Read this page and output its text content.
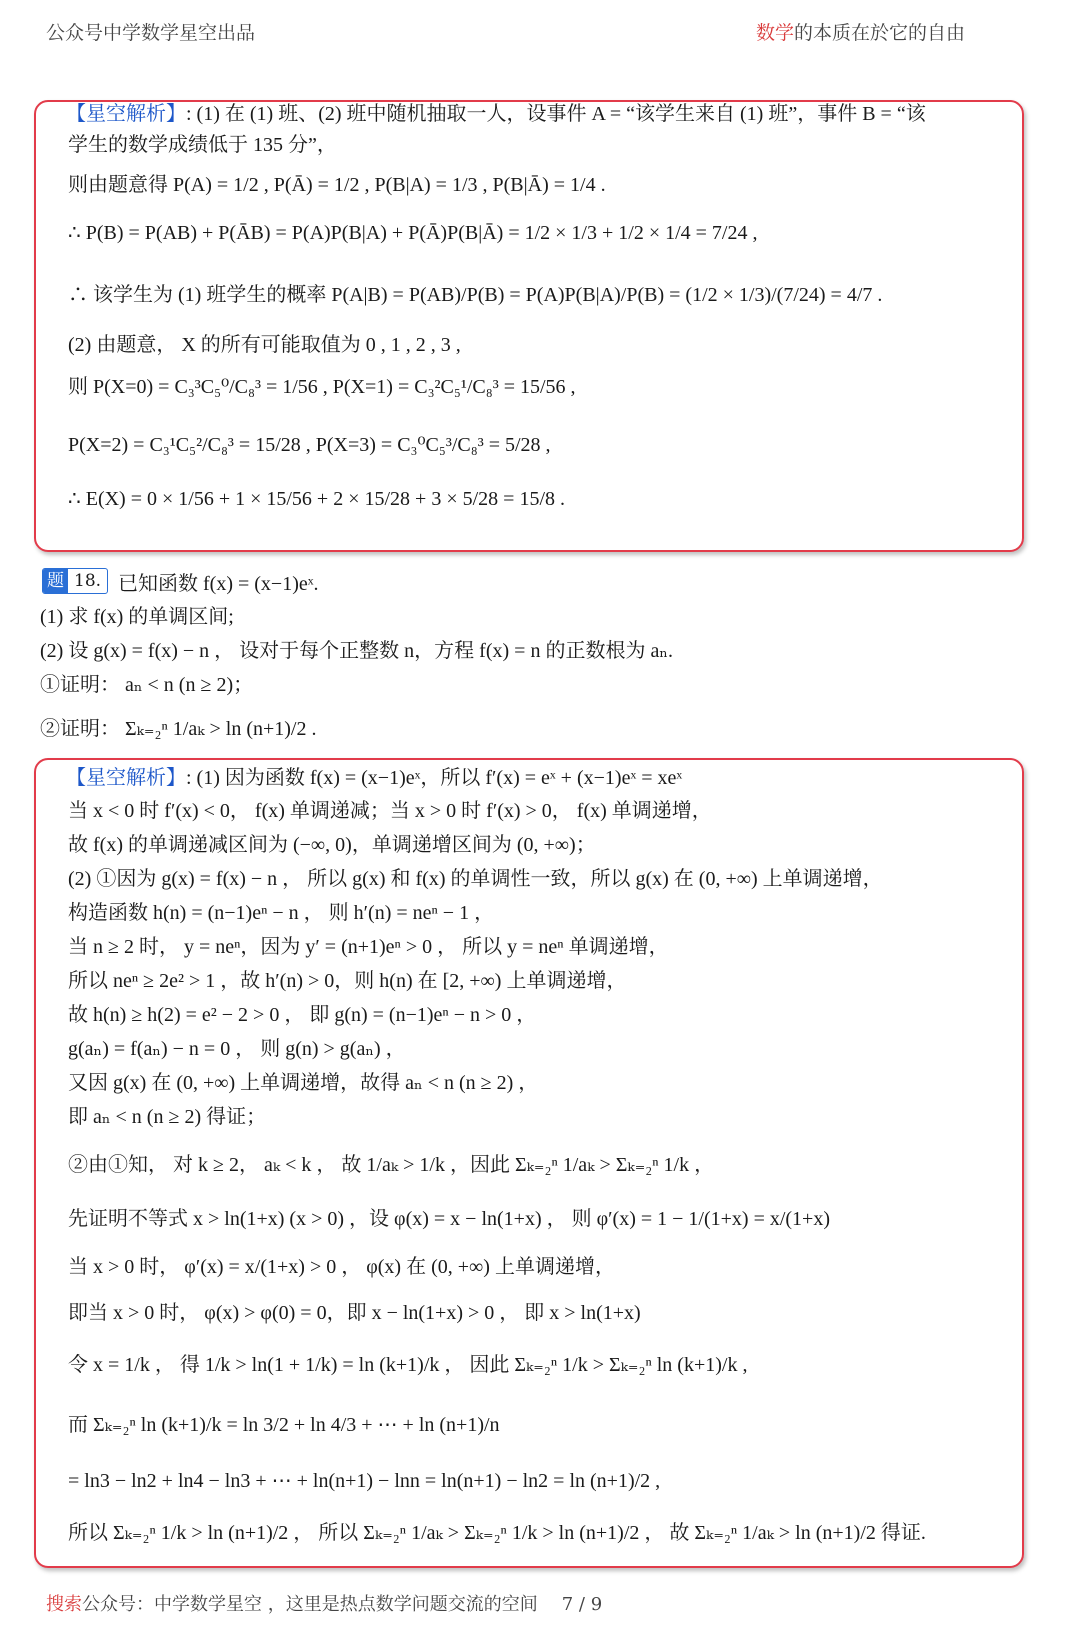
公众号中学数学星空出品	数学的本质在於它的自由
【星空解析】: (1) 在 (1) 班、(2) 班中随机抽取一人，设事件 A = “该学生来自 (1) 班”，事件 B = “该
学生的数学成绩低于 135 分”，
则由题意得 P(A) = 1/2 , P(Ā) = 1/2 , P(B|A) = 1/3 , P(B|Ā) = 1/4 .
∴ P(B) = P(AB) + P(ĀB) = P(A)P(B|A) + P(Ā)P(B|Ā) = 1/2 × 1/3 + 1/2 × 1/4 = 7/24 ,
∴ 该学生为 (1) 班学生的概率 P(A|B) = P(AB)/P(B) = P(A)P(B|A)/P(B) = (1/2 × 1/3)/(7/24) = 4/7 .
(2) 由题意， X 的所有可能取值为 0 , 1 , 2 , 3 ,
则 P(X=0) = C₃³C₅⁰/C₈³ = 1/56 , P(X=1) = C₃²C₅¹/C₈³ = 15/56 ,
P(X=2) = C₃¹C₅²/C₈³ = 15/28 , P(X=3) = C₃⁰C₅³/C₈³ = 5/28 ,
∴ E(X) = 0 × 1/56 + 1 × 15/56 + 2 × 15/28 + 3 × 5/28 = 15/8 .
题 18. 已知函数 f(x) = (x−1)eˣ.
(1) 求 f(x) 的单调区间;
(2) 设 g(x) = f(x) − n ， 设对于每个正整数 n，方程 f(x) = n 的正数根为 aₙ.
①证明： aₙ < n (n ≥ 2)；
②证明： Σₖ₌₂ⁿ 1/aₖ > ln (n+1)/2 .
【星空解析】: (1) 因为函数 f(x) = (x−1)eˣ，所以 f′(x) = eˣ + (x−1)eˣ = xeˣ
当 x < 0 时 f′(x) < 0， f(x) 单调递减；当 x > 0 时 f′(x) > 0， f(x) 单调递增，
故 f(x) 的单调递减区间为 (−∞, 0)，单调递增区间为 (0, +∞)；
(2) ①因为 g(x) = f(x) − n ， 所以 g(x) 和 f(x) 的单调性一致，所以 g(x) 在 (0, +∞) 上单调递增，
构造函数 h(n) = (n−1)eⁿ − n ， 则 h′(n) = neⁿ − 1 ，
当 n ≥ 2 时， y = neⁿ，因为 y′ = (n+1)eⁿ > 0 ， 所以 y = neⁿ 单调递增，
所以 neⁿ ≥ 2e² > 1 ，故 h′(n) > 0，则 h(n) 在 [2, +∞) 上单调递增，
故 h(n) ≥ h(2) = e² − 2 > 0 ， 即 g(n) = (n−1)eⁿ − n > 0 ，
g(aₙ) = f(aₙ) − n = 0 ， 则 g(n) > g(aₙ) ，
又因 g(x) 在 (0, +∞) 上单调递增，故得 aₙ < n (n ≥ 2) ，
即 aₙ < n (n ≥ 2) 得证；
②由①知， 对 k ≥ 2， aₖ < k ， 故 1/aₖ > 1/k ，因此 Σₖ₌₂ⁿ 1/aₖ > Σₖ₌₂ⁿ 1/k ，
先证明不等式 x > ln(1+x) (x > 0) ，设 φ(x) = x − ln(1+x) ， 则 φ′(x) = 1 − 1/(1+x) = x/(1+x)
当 x > 0 时， φ′(x) = x/(1+x) > 0 ， φ(x) 在 (0, +∞) 上单调递增，
即当 x > 0 时， φ(x) > φ(0) = 0，即 x − ln(1+x) > 0 ， 即 x > ln(1+x)
令 x = 1/k ， 得 1/k > ln(1 + 1/k) = ln (k+1)/k ， 因此 Σₖ₌₂ⁿ 1/k > Σₖ₌₂ⁿ ln (k+1)/k ,
而 Σₖ₌₂ⁿ ln (k+1)/k = ln 3/2 + ln 4/3 + ⋯ + ln (n+1)/n
= ln3 − ln2 + ln4 − ln3 + ⋯ + ln(n+1) − lnn = ln(n+1) − ln2 = ln (n+1)/2 ,
所以 Σₖ₌₂ⁿ 1/k > ln (n+1)/2 ， 所以 Σₖ₌₂ⁿ 1/aₖ > Σₖ₌₂ⁿ 1/k > ln (n+1)/2 ， 故 Σₖ₌₂ⁿ 1/aₖ > ln (n+1)/2 得证.
搜索公众号：中学数学星空 ，这里是热点数学问题交流的空间 7 / 9
